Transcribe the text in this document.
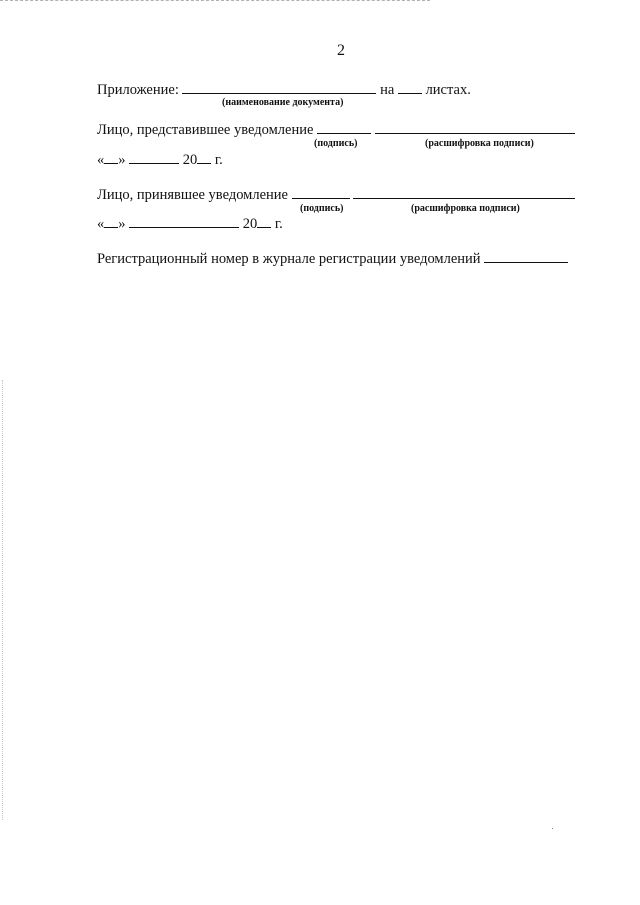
2
Приложение:	на листах.
(наименование документа)
Лицо, представившее уведомление
(подпись)	(расшифровка подписи)
« »	20 г.
Лицо, принявшее уведомление
(подпись)	(расшифровка подписи)
« »	20 г.
Регистрационный номер в журнале регистрации уведомлений
